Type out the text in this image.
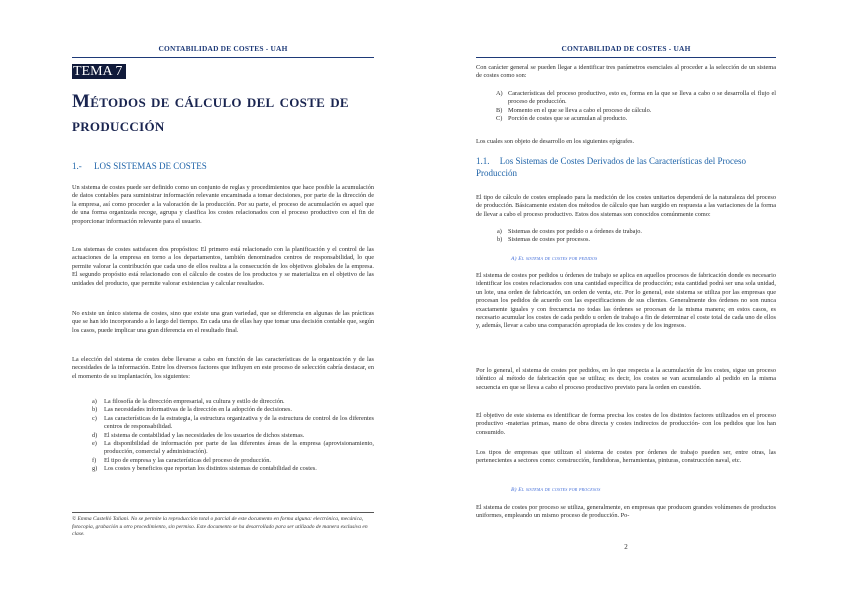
CONTABILIDAD DE COSTES - UAH
TEMA 7
Métodos de cálculo del coste de producción
1.- LOS SISTEMAS DE COSTES

Un sistema de costes puede ser definido como un conjunto de reglas y procedimientos que hace posible la acumulación de datos contables para suministrar información relevante encaminada a tomar decisiones, por parte de la dirección de la empresa, así como proceder a la valoración de la producción. Por su parte, el proceso de acumulación es aquel que de una forma organizada recoge, agrupa y clasifica los costes relacionados con el proceso productivo con el fin de proporcionar información relevante para el usuario.

Los sistemas de costes satisfacen dos propósitos: El primero está relacionado con la planificación y el control de las actuaciones de la empresa en torno a los departamentos, también denominados centros de responsabilidad, lo que permite valorar la contribución que cada uno de ellos realiza a la consecución de los objetivos globales de la empresa. El segundo propósito está relacionado con el cálculo de costes de los productos y se materializa en el objetivo de las unidades del producto, que permite valorar existencias y calcular resultados.

No existe un único sistema de costes, sino que existe una gran variedad, que se diferencia en algunas de las prácticas que se han ido incorporando a lo largo del tiempo. En cada una de ellas hay que tomar una decisión contable que, según los casos, puede implicar una gran diferencia en el resultado final.

La elección del sistema de costes debe llevarse a cabo en función de las características de la organización y de las necesidades de la información. Entre los diversos factores que influyen en este proceso de selección cabría destacar, en el momento de su implantación, los siguientes:

a) La filosofía de la dirección empresarial, su cultura y estilo de dirección.
b) Las necesidades informativas de la dirección en la adopción de decisiones.
c) Las características de la estrategia, la estructura organizativa y de la estructura de control de los diferentes centros de responsabilidad.
d) El sistema de contabilidad y las necesidades de los usuarios de dichos sistemas.
e) La disponibilidad de información por parte de las diferentes áreas de la empresa (aprovisionamiento, producción, comercial y administración).
f) El tipo de empresa y las características del proceso de producción.
g) Los costes y beneficios que reportan los distintos sistemas de contabilidad de costes.
© Emma Castelló Taliani. No se permite la reproducción total o parcial de este documento en forma alguna: electrónica, mecánica, fotocopia, grabación u otro procedimiento, sin permiso. Este documento se ha desarrollado para ser utilizado de manera exclusiva en clase.
CONTABILIDAD DE COSTES - UAH

Con carácter general se pueden llegar a identificar tres parámetros esenciales al proceder a la selección de un sistema de costes como son:

A) Características del proceso productivo, esto es, forma en la que se lleva a cabo o se desarrolla el flujo el proceso de producción.
B) Momento en el que se lleva a cabo el proceso de cálculo.
C) Porción de costes que se acumulan al producto.

Los cuales son objeto de desarrollo en los siguientes epígrafes.

1.1. Los Sistemas de Costes Derivados de las Características del Proceso Producción

El tipo de cálculo de costes empleado para la medición de los costes unitarios dependerá de la naturaleza del proceso de producción. Básicamente existen dos métodos de cálculo que han surgido en respuesta a las variaciones de la forma de llevar a cabo el proceso productivo. Estos dos sistemas son conocidos comúnmente como:

a) Sistemas de costes por pedido o a órdenes de trabajo.
b) Sistemas de costes por procesos.
A) El sistema de costes por pedidos

El sistema de costes por pedidos u órdenes de trabajo se aplica en aquellos procesos de fabricación donde es necesario identificar los costes relacionados con una cantidad específica de producción; esta cantidad podrá ser una sola unidad, un lote, una orden de fabricación, un orden de venta, etc. Por lo general, este sistema se utiliza por las empresas que procesan los pedidos de acuerdo con las especificaciones de sus clientes. Generalmente dos órdenes no son nunca exactamente iguales y con frecuencia no todas las órdenes se procesan de la misma manera; en estos casos, es necesario acumular los costes de cada pedido u orden de trabajo a fin de determinar el coste total de cada uno de ellos y, además, llevar a cabo una comparación apropiada de los costes y de los ingresos.

Por lo general, el sistema de costes por pedidos, en lo que respecta a la acumulación de los costes, sigue un proceso idéntico al método de fabricación que se utiliza; es decir, los costes se van acumulando al pedido en la misma secuencia en que se lleva a cabo el proceso productivo previsto para la orden en cuestión.

El objetivo de este sistema es identificar de forma precisa los costes de los distintos factores utilizados en el proceso productivo -materias primas, mano de obra directa y costes indirectos de producción- con los pedidos que los han consumido.

Los tipos de empresas que utilizan el sistema de costes por órdenes de trabajo pueden ser, entre otras, las pertenecientes a sectores como: construcción, fundidoras, herramientas, pinturas, construcción naval, etc.

B) El sistema de costes por procesos

El sistema de costes por proceso se utiliza, generalmente, en empresas que producen grandes volúmenes de productos uniformes, empleando un mismo proceso de producción. Po-

2
